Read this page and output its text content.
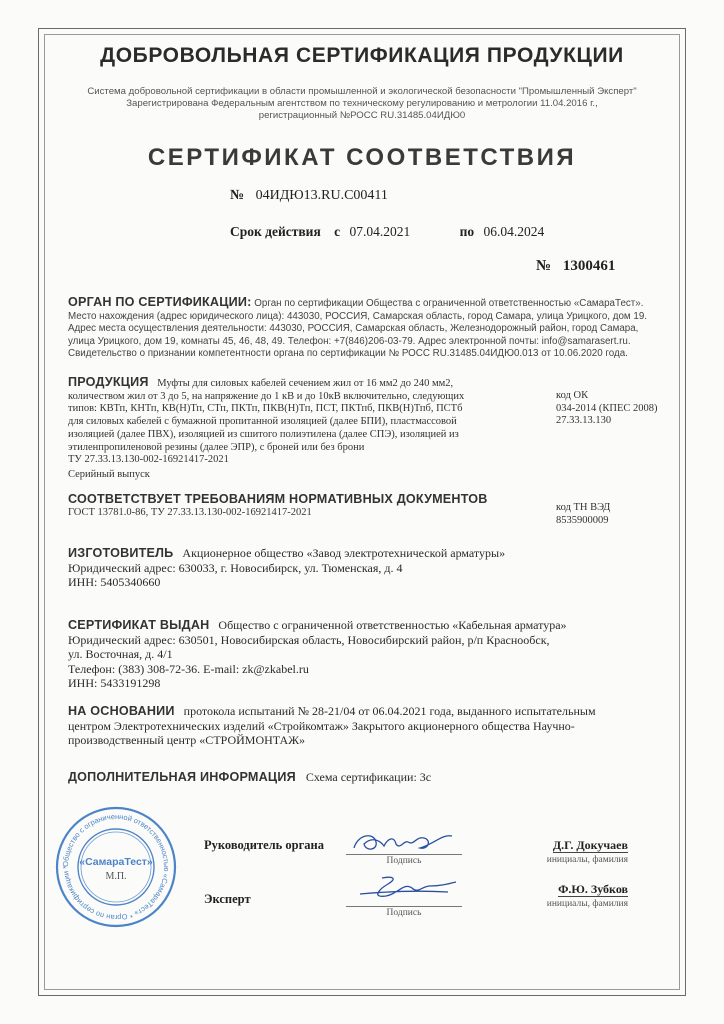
ДОБРОВОЛЬНАЯ СЕРТИФИКАЦИЯ ПРОДУКЦИИ
Система добровольной сертификации в области промышленной и экологической безопасности "Промышленный Эксперт"
Зарегистрирована Федеральным агентством по техническому регулированию и метрологии 11.04.2016 г.,
регистрационный №РОСС RU.31485.04ИДЮ0
СЕРТИФИКАТ СООТВЕТСТВИЯ
№ 04ИДЮ13.RU.C00411
Срок действия с 07.04.2021	по 06.04.2024
№ 1300461
ОРГАН ПО СЕРТИФИКАЦИИ: Орган по сертификации Общества с ограниченной ответственностью «СамараТест».
Место нахождения (адрес юридического лица): 443030, РОССИЯ, Самарская область, город Самара, улица Урицкого, дом 19.
Адрес места осуществления деятельности: 443030, РОССИЯ, Самарская область, Железнодорожный район, город Самара,
улица Урицкого, дом 19, комнаты 45, 46, 48, 49. Телефон: +7(846)206-03-79. Адрес электронной почты: info@samarasert.ru.
Свидетельство о признании компетентности органа по сертификации № РОСС RU.31485.04ИДЮ0.013 от 10.06.2020 года.
ПРОДУКЦИЯ Муфты для силовых кабелей сечением жил от 16 мм2 до 240 мм2,
количеством жил от 3 до 5, на напряжение до 1 кВ и до 10кВ включительно, следующих
типов: КВТп, КНТп, КВ(Н)Тп, СТп, ПКТп, ПКВ(Н)Тп, ПСТ, ПКТпб, ПКВ(Н)Тпб, ПСТб
для силовых кабелей с бумажной пропитанной изоляцией (далее БПИ), пластмассовой
изоляцией (далее ПВХ), изоляцией из сшитого полиэтилена (далее СПЭ), изоляцией из
этиленпропиленовой резины (далее ЭПР), с броней или без брони
ТУ 27.33.13.130-002-16921417-2021
Серийный выпуск
код ОК
034-2014 (КПЕС 2008)
27.33.13.130
СООТВЕТСТВУЕТ ТРЕБОВАНИЯМ НОРМАТИВНЫХ ДОКУМЕНТОВ
ГОСТ 13781.0-86, ТУ 27.33.13.130-002-16921417-2021	код ТН ВЭД
8535900009
ИЗГОТОВИТЕЛЬ Акционерное общество «Завод электротехнической арматуры»
Юридический адрес: 630033, г. Новосибирск, ул. Тюменская, д. 4
ИНН: 5405340660
СЕРТИФИКАТ ВЫДАН Общество с ограниченной ответственностью «Кабельная арматура»
Юридический адрес: 630501, Новосибирская область, Новосибирский район, р/п Краснообск,
ул. Восточная, д. 4/1
Телефон: (383) 308-72-36. E-mail: zk@zkabel.ru
ИНН: 5433191298
НА ОСНОВАНИИ протокола испытаний № 28-21/04 от 06.04.2021 года, выданного испытательным
центром Электротехнических изделий «Стройкомтаж» Закрытого акционерного общества Научно-
производственный центр «СТРОЙМОНТАЖ»
ДОПОЛНИТЕЛЬНАЯ ИНФОРМАЦИЯ Схема сертификации: 3с
Общество с ограниченной ответственностью «СамараТест» * Орган по сертификации * «СамараТест»
М.П.
Руководитель органа
Подпись
Д.Г. Докучаев
инициалы, фамилия
Эксперт
Подпись
Ф.Ю. Зубков
инициалы, фамилия
